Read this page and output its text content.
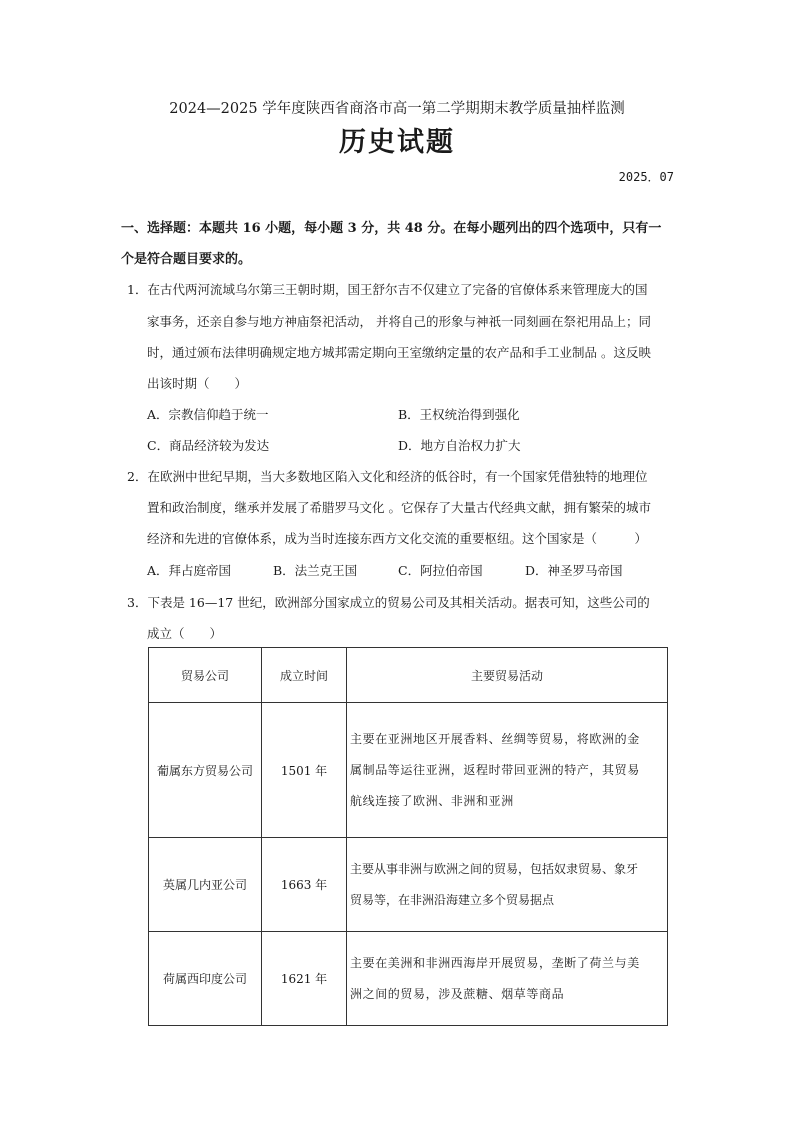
2024—2025 学年度陕西省商洛市高一第二学期期末教学质量抽样监测
历史试题
2025．07
一、选择题：本题共 16 小题，每小题 3 分，共 48 分。在每小题列出的四个选项中，只有一
个是符合题目要求的。
1．在古代两河流域乌尔第三王朝时期，国王舒尔吉不仅建立了完备的官僚体系来管理庞大的国
家事务，还亲自参与地方神庙祭祀活动， 并将自己的形象与神祇一同刻画在祭祀用品上；同
时，通过颁布法律明确规定地方城邦需定期向王室缴纳定量的农产品和手工业制品 。这反映
出该时期（　　）
A．宗教信仰趋于统一	B．王权统治得到强化
C．商品经济较为发达	D．地方自治权力扩大
2．在欧洲中世纪早期，当大多数地区陷入文化和经济的低谷时，有一个国家凭借独特的地理位
置和政治制度，继承并发展了希腊罗马文化 。它保存了大量古代经典文献，拥有繁荣的城市
经济和先进的官僚体系，成为当时连接东西方文化交流的重要枢纽。这个国家是（　　　）
A．拜占庭帝国	B．法兰克王国	C．阿拉伯帝国	D．神圣罗马帝国
3．下表是 16—17 世纪，欧洲部分国家成立的贸易公司及其相关活动。据表可知，这些公司的
成立（　　）
贸易公司	成立时间	主要贸易活动
葡属东方贸易公司	1501 年	主要在亚洲地区开展香料、丝绸等贸易，将欧洲的金
属制品等运往亚洲，返程时带回亚洲的特产，其贸易
航线连接了欧洲、非洲和亚洲

英属几内亚公司	1663 年	主要从事非洲与欧洲之间的贸易，包括奴隶贸易、象牙
贸易等，在非洲沿海建立多个贸易据点

荷属西印度公司	1621 年	主要在美洲和非洲西海岸开展贸易，垄断了荷兰与美
洲之间的贸易，涉及蔗糖、烟草等商品
